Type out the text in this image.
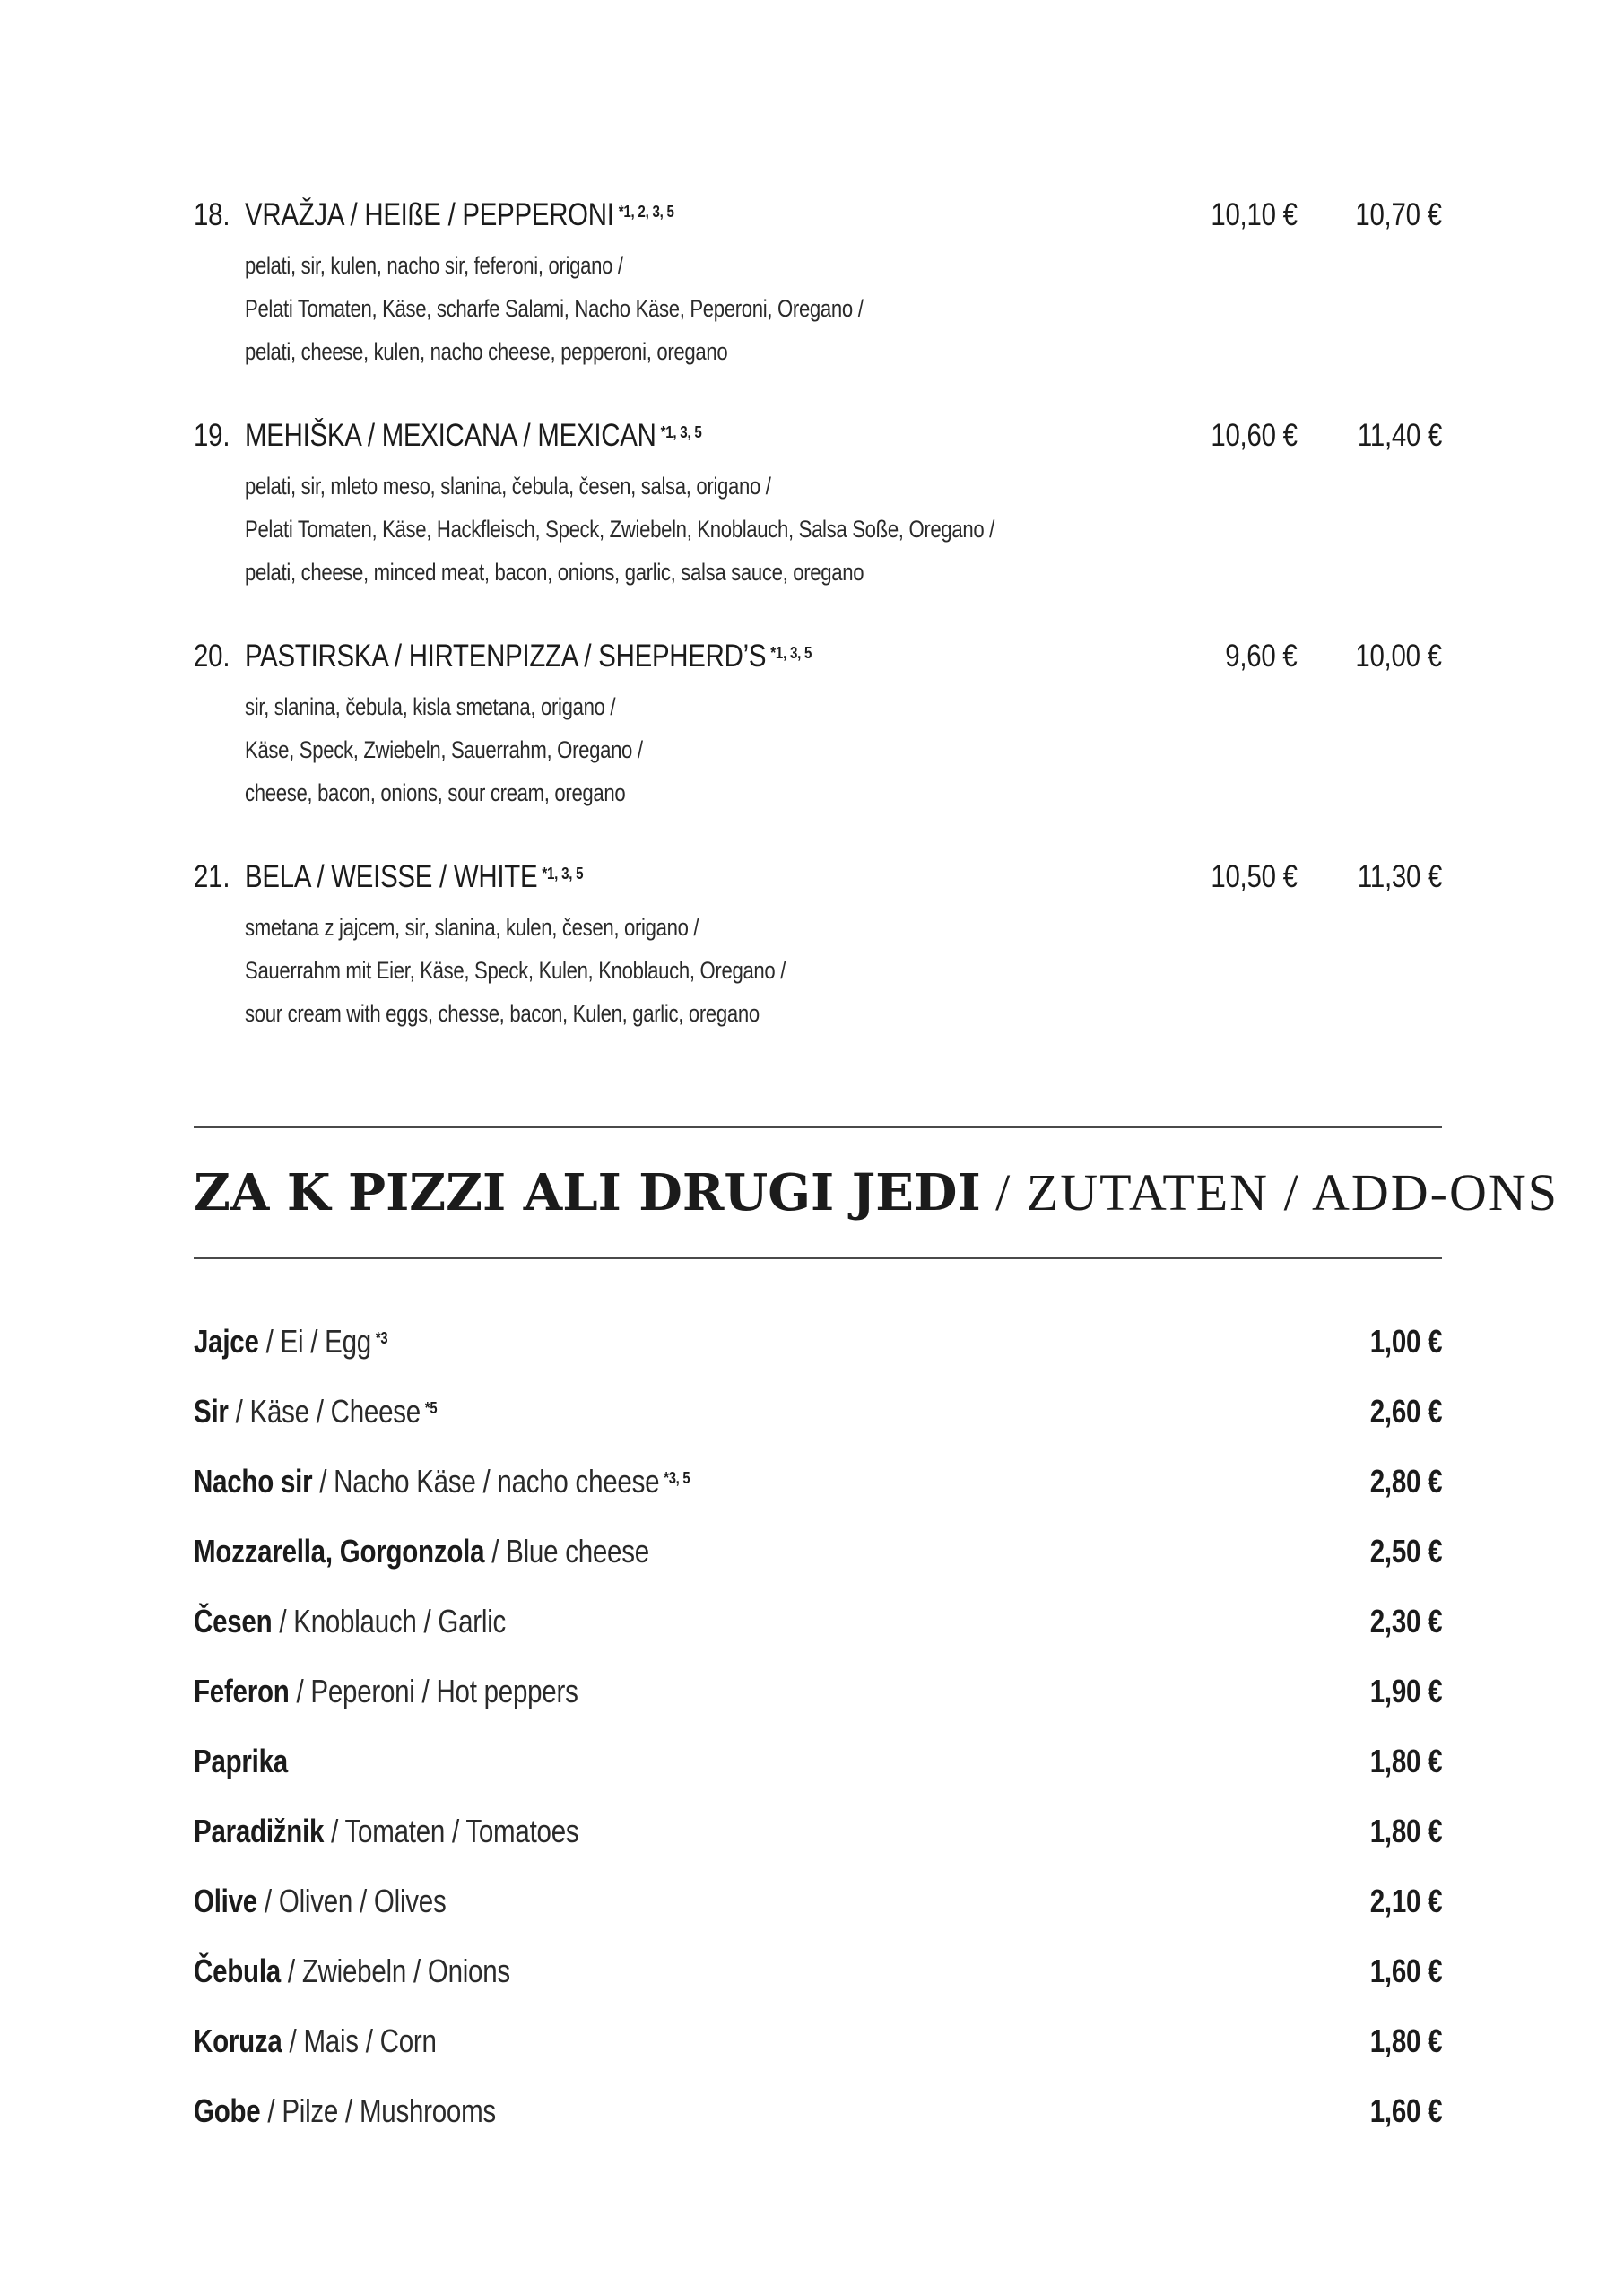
18. VRAŽJA / HEIßE / PEPPERONI $^{*1, 2, 3, 5}$
pelati, sir, kulen, nacho sir, feferoni, origano /
Pelati Tomaten, Käse, scharfe Salami, Nacho Käse, Peperoni, Oregano /
pelati, cheese, kulen, nacho cheese, pepperoni, oregano
10,10 € 10,70 €
19. MEHIŠKA / MEXICANA / MEXICAN $^{*1, 3, 5}$
pelati, sir, mleto meso, slanina, čebula, česen, salsa, origano /
Pelati Tomaten, Käse, Hackfleisch, Speck, Zwiebeln, Knoblauch, Salsa Soße, Oregano /
pelati, cheese, minced meat, bacon, onions, garlic, salsa sauce, oregano
10,60 € 11,40 €
20. PASTIRSKA / HIRTENPIZZA / SHEPHERD’S $^{*1, 3, 5}$
sir, slanina, čebula, kisla smetana, origano /
Käse, Speck, Zwiebeln, Sauerrahm, Oregano /
cheese, bacon, onions, sour cream, oregano
9,60 € 10,00 €
21. BELA / WEISSE / WHITE $^{*1, 3, 5}$
smetana z jajcem, sir, slanina, kulen, česen, origano /
Sauerrahm mit Eier, Käse, Speck, Kulen, Knoblauch, Oregano /
sour cream with eggs, chesse, bacon, Kulen, garlic, oregano
10,50 € 11,30 €
ZA K PIZZI ALI DRUGI JEDI / ZUTATEN / ADD-ONS
Jajce / Ei / Egg $^{*3}$	1,00 €
Sir / Käse / Cheese $^{*5}$	2,60 €
Nacho sir / Nacho Käse / nacho cheese $^{*3, 5}$	2,80 €
Mozzarella, Gorgonzola / Blue cheese	2,50 €
Česen / Knoblauch / Garlic	2,30 €
Feferon / Peperoni / Hot peppers	1,90 €
Paprika	1,80 €
Paradižnik / Tomaten / Tomatoes	1,80 €
Olive / Oliven / Olives	2,10 €
Čebula / Zwiebeln / Onions	1,60 €
Koruza / Mais / Corn	1,80 €
Gobe / Pilze / Mushrooms	1,60 €
